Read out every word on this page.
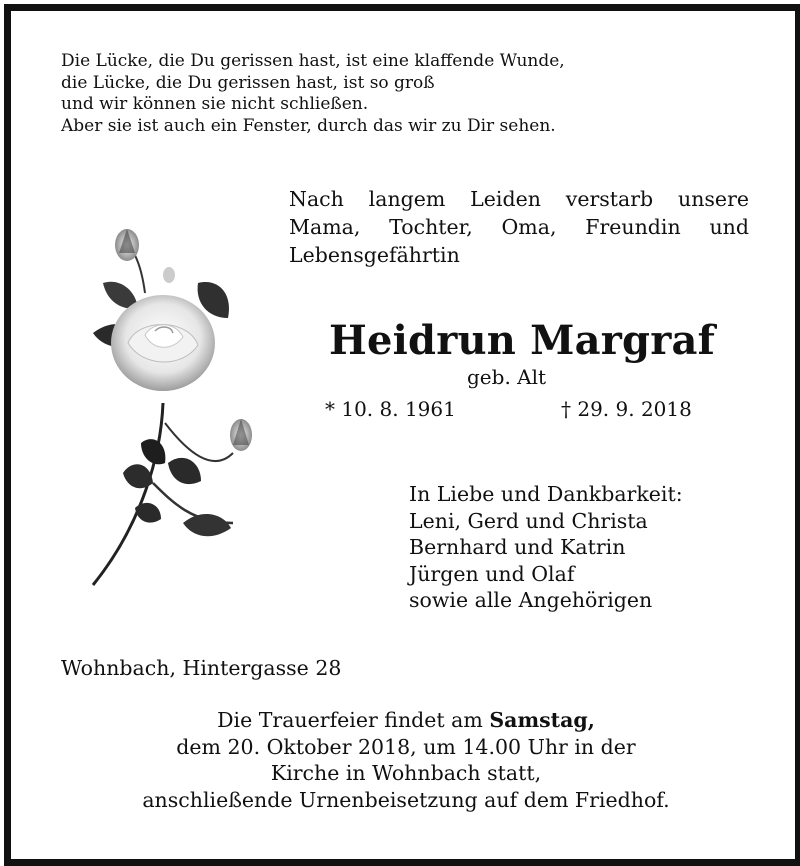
Die Lücke, die Du gerissen hast, ist eine klaffende Wunde,
die Lücke, die Du gerissen hast, ist so groß
und wir können sie nicht schließen.
Aber sie ist auch ein Fenster, durch das wir zu Dir sehen.
Nach langem Leiden verstarb unsere
Mama, Tochter, Oma, Freundin und
Lebensgefährtin
Heidrun Margraf
geb. Alt
* 10. 8. 1961	† 29. 9. 2018
In Liebe und Dankbarkeit:
Leni, Gerd und Christa
Bernhard und Katrin
Jürgen und Olaf
sowie alle Angehörigen
Wohnbach, Hintergasse 28
Die Trauerfeier findet am Samstag,
dem 20. Oktober 2018, um 14.00 Uhr in der
Kirche in Wohnbach statt,
anschließende Urnenbeisetzung auf dem Friedhof.
